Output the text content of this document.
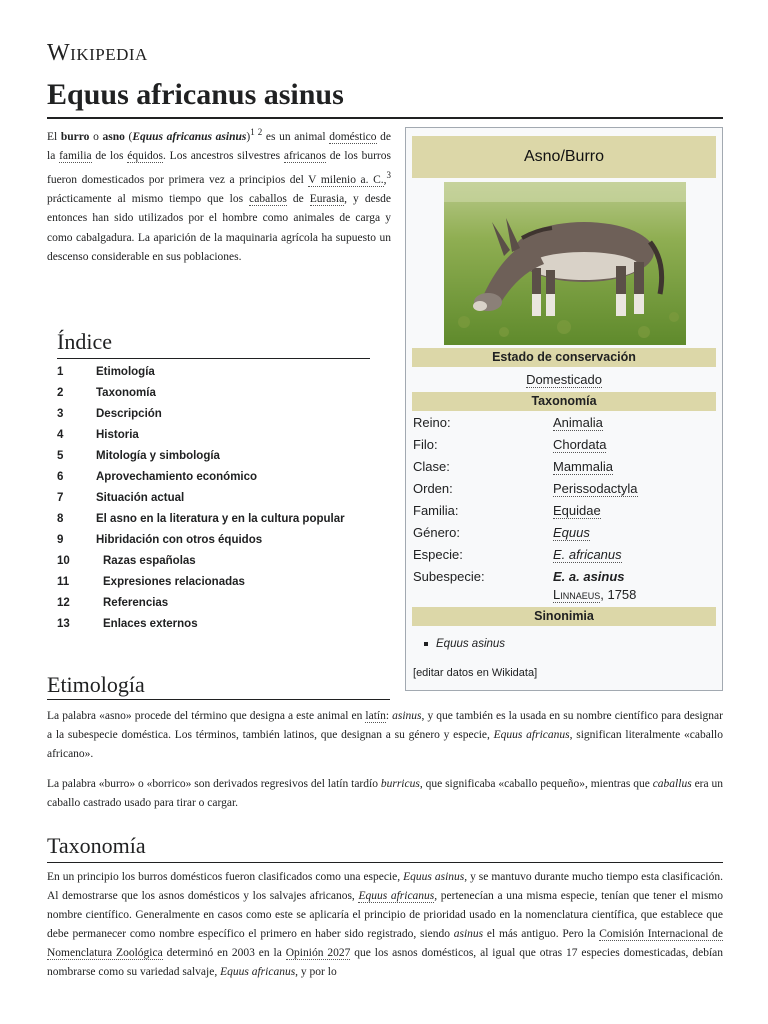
Wikipedia
Equus africanus asinus
El burro o asno (Equus africanus asinus)$^{1 2}$ es un animal doméstico de la familia de los équidos. Los ancestros silvestres africanos de los burros fueron domesticados por primera vez a principios del V milenio a. C.,$^3$ prácticamente al mismo tiempo que los caballos de Eurasia, y desde entonces han sido utilizados por el hombre como animales de carga y como cabalgadura. La aparición de la maquinaria agrícola ha supuesto un descenso considerable en sus poblaciones.
Asno/Burro
Estado de conservación
Domesticado
Taxonomía
Reino:	Animalia
Filo:	Chordata
Clase:	Mammalia
Orden:	Perissodactyla
Familia:	Equidae
Género:	Equus
Especie:	E. africanus
Subespecie:	E. a. asinus
Linnaeus, 1758
Sinonimia
Equus asinus
[editar datos en Wikidata]
Índice
1	Etimología
2	Taxonomía
3	Descripción
4	Historia
5	Mitología y simbología
6	Aprovechamiento económico
7	Situación actual
8	El asno en la literatura y en la cultura popular
9	Hibridación con otros équidos
10	Razas españolas
11	Expresiones relacionadas
12	Referencias
13	Enlaces externos
Etimología

La palabra «asno» procede del término que designa a este animal en latín: asinus, y que también es la usada en su nombre científico para designar a la subespecie doméstica. Los términos, también latinos, que designan a su género y especie, Equus africanus, significan literalmente «caballo africano».

La palabra «burro» o «borrico» son derivados regresivos del latín tardío burricus, que significaba «caballo pequeño», mientras que caballus era un caballo castrado usado para tirar o cargar.

Taxonomía

En un principio los burros domésticos fueron clasificados como una especie, Equus asinus, y se mantuvo durante mucho tiempo esta clasificación. Al demostrarse que los asnos domésticos y los salvajes africanos, Equus africanus, pertenecían a una misma especie, tenían que tener el mismo nombre científico. Generalmente en casos como este se aplicaría el principio de prioridad usado en la nomenclatura científica, que establece que debe permanecer como nombre específico el primero en haber sido registrado, siendo asinus el más antiguo. Pero la Comisión Internacional de Nomenclatura Zoológica determinó en 2003 en la Opinión 2027 que los asnos domésticos, al igual que otras 17 especies domesticadas, debían nombrarse como su variedad salvaje, Equus africanus, y por lo
